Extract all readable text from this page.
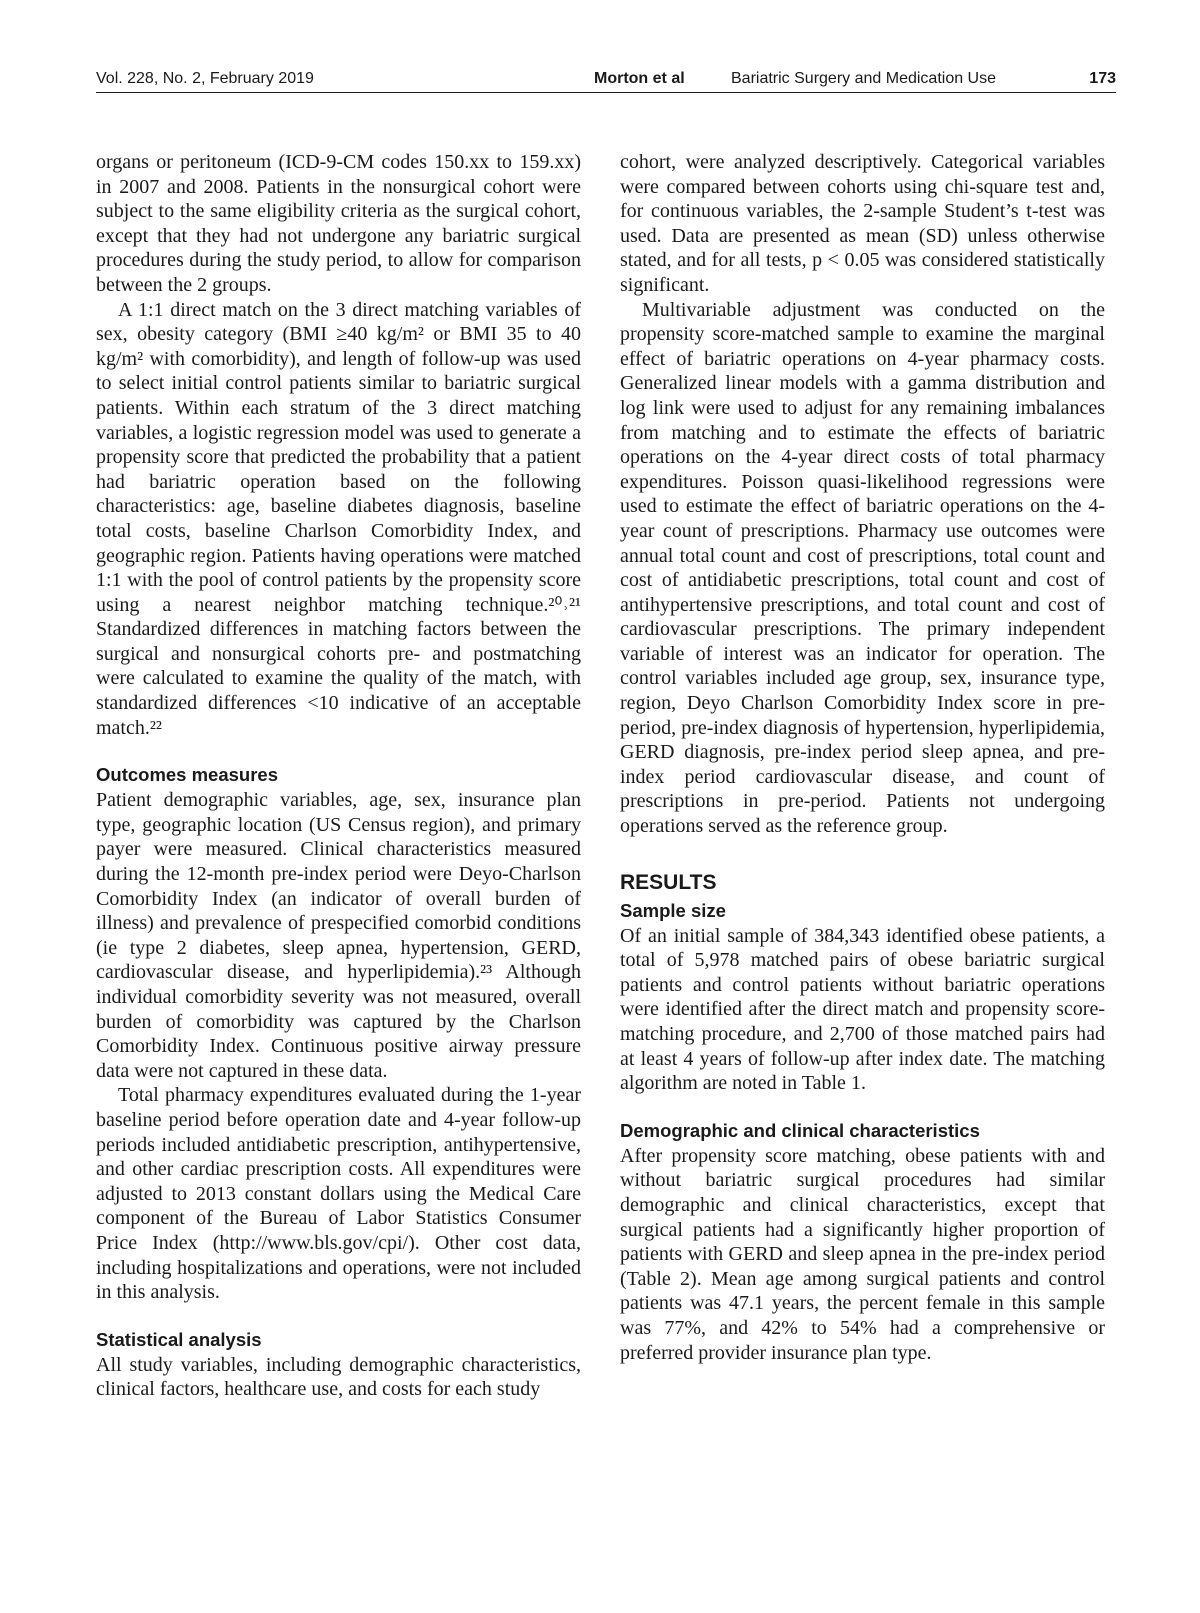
Vol. 228, No. 2, February 2019	Morton et al	Bariatric Surgery and Medication Use	173

organs or peritoneum (ICD-9-CM codes 150.xx to 159.xx) in 2007 and 2008. Patients in the nonsurgical cohort were subject to the same eligibility criteria as the surgical cohort, except that they had not undergone any bariatric surgical procedures during the study period, to allow for comparison between the 2 groups.

A 1:1 direct match on the 3 direct matching variables of sex, obesity category (BMI ≥40 kg/m² or BMI 35 to 40 kg/m² with comorbidity), and length of follow-up was used to select initial control patients similar to bariatric surgical patients. Within each stratum of the 3 direct matching variables, a logistic regression model was used to generate a propensity score that predicted the probability that a patient had bariatric operation based on the following characteristics: age, baseline diabetes diagnosis, baseline total costs, baseline Charlson Comorbidity Index, and geographic region. Patients having operations were matched 1:1 with the pool of control patients by the propensity score using a nearest neighbor matching technique.²⁰˒²¹ Standardized differences in matching factors between the surgical and nonsurgical cohorts pre- and postmatching were calculated to examine the quality of the match, with standardized differences <10 indicative of an acceptable match.²²

Outcomes measures

Patient demographic variables, age, sex, insurance plan type, geographic location (US Census region), and primary payer were measured. Clinical characteristics measured during the 12-month pre-index period were Deyo-Charlson Comorbidity Index (an indicator of overall burden of illness) and prevalence of prespecified comorbid conditions (ie type 2 diabetes, sleep apnea, hypertension, GERD, cardiovascular disease, and hyperlipidemia).²³ Although individual comorbidity severity was not measured, overall burden of comorbidity was captured by the Charlson Comorbidity Index. Continuous positive airway pressure data were not captured in these data.

Total pharmacy expenditures evaluated during the 1-year baseline period before operation date and 4-year follow-up periods included antidiabetic prescription, antihypertensive, and other cardiac prescription costs. All expenditures were adjusted to 2013 constant dollars using the Medical Care component of the Bureau of Labor Statistics Consumer Price Index (http://www.bls.gov/cpi/). Other cost data, including hospitalizations and operations, were not included in this analysis.

Statistical analysis

All study variables, including demographic characteristics, clinical factors, healthcare use, and costs for each study

cohort, were analyzed descriptively. Categorical variables were compared between cohorts using chi-square test and, for continuous variables, the 2-sample Student’s t-test was used. Data are presented as mean (SD) unless otherwise stated, and for all tests, p < 0.05 was considered statistically significant.

Multivariable adjustment was conducted on the propensity score-matched sample to examine the marginal effect of bariatric operations on 4-year pharmacy costs. Generalized linear models with a gamma distribution and log link were used to adjust for any remaining imbalances from matching and to estimate the effects of bariatric operations on the 4-year direct costs of total pharmacy expenditures. Poisson quasi-likelihood regressions were used to estimate the effect of bariatric operations on the 4-year count of prescriptions. Pharmacy use outcomes were annual total count and cost of prescriptions, total count and cost of antidiabetic prescriptions, total count and cost of antihypertensive prescriptions, and total count and cost of cardiovascular prescriptions. The primary independent variable of interest was an indicator for operation. The control variables included age group, sex, insurance type, region, Deyo Charlson Comorbidity Index score in pre-period, pre-index diagnosis of hypertension, hyperlipidemia, GERD diagnosis, pre-index period sleep apnea, and pre-index period cardiovascular disease, and count of prescriptions in pre-period. Patients not undergoing operations served as the reference group.

RESULTS
Sample size

Of an initial sample of 384,343 identified obese patients, a total of 5,978 matched pairs of obese bariatric surgical patients and control patients without bariatric operations were identified after the direct match and propensity score-matching procedure, and 2,700 of those matched pairs had at least 4 years of follow-up after index date. The matching algorithm are noted in Table 1.

Demographic and clinical characteristics

After propensity score matching, obese patients with and without bariatric surgical procedures had similar demographic and clinical characteristics, except that surgical patients had a significantly higher proportion of patients with GERD and sleep apnea in the pre-index period (Table 2). Mean age among surgical patients and control patients was 47.1 years, the percent female in this sample was 77%, and 42% to 54% had a comprehensive or preferred provider insurance plan type.
